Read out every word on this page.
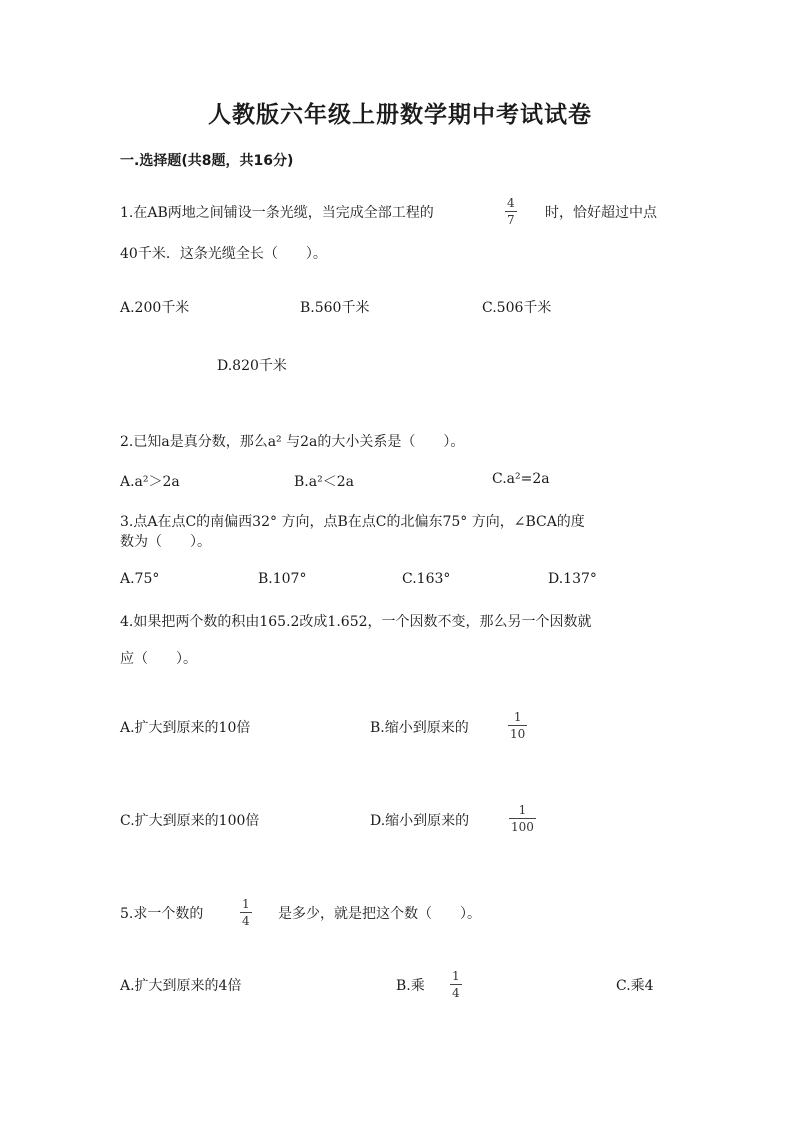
人教版六年级上册数学期中考试试卷
一.选择题(共8题，共16分)
1.在AB两地之间铺设一条光缆，当完成全部工程的
4
7 时，恰好超过中点
40千米．这条光缆全长（　　）。
A.200千米	B.560千米	C.506千米
D.820千米
2.已知a是真分数，那么a² 与2a的大小关系是（　　）。
A.a²＞2a	B.a²＜2a	C.a²=2a
3.点A在点C的南偏西32° 方向，点B在点C的北偏东75° 方向，∠BCA的度
数为（　　）。
A.75°	B.107°	C.163°	D.137°
4.如果把两个数的积由165.2改成1.652，一个因数不变，那么另一个因数就
应（　　）。
A.扩大到原来的10倍	B.缩小到原来的
1
10
C.扩大到原来的100倍	D.缩小到原来的
1
100
5.求一个数的
1
4 是多少，就是把这个数（　　）。
A.扩大到原来的4倍	B.乘
1
4	C.乘4
